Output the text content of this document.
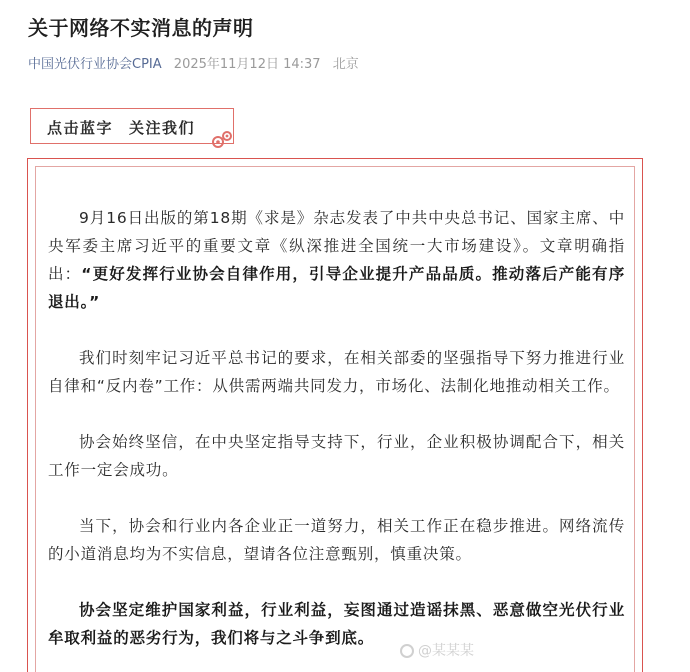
关于网络不实消息的声明
中国光伏行业协会CPIA 2025年11月12日 14:37 北京
点击蓝字 关注我们

9月16日出版的第18期《求是》杂志发表了中共中央总书记、国家主席、中央军委主席习近平的重要文章《纵深推进全国统一大市场建设》。文章明确指出：“更好发挥行业协会自律作用，引导企业提升产品品质。推动落后产能有序退出。”

我们时刻牢记习近平总书记的要求，在相关部委的坚强指导下努力推进行业自律和“反内卷”工作：从供需两端共同发力，市场化、法制化地推动相关工作。

协会始终坚信，在中央坚定指导支持下，行业，企业积极协调配合下，相关工作一定会成功。

当下，协会和行业内各企业正一道努力，相关工作正在稳步推进。网络流传的小道消息均为不实信息，望请各位注意甄别，慎重决策。

协会坚定维护国家利益，行业利益，妄图通过造谣抹黑、恶意做空光伏行业牟取利益的恶劣行为，我们将与之斗争到底。

@某某某
